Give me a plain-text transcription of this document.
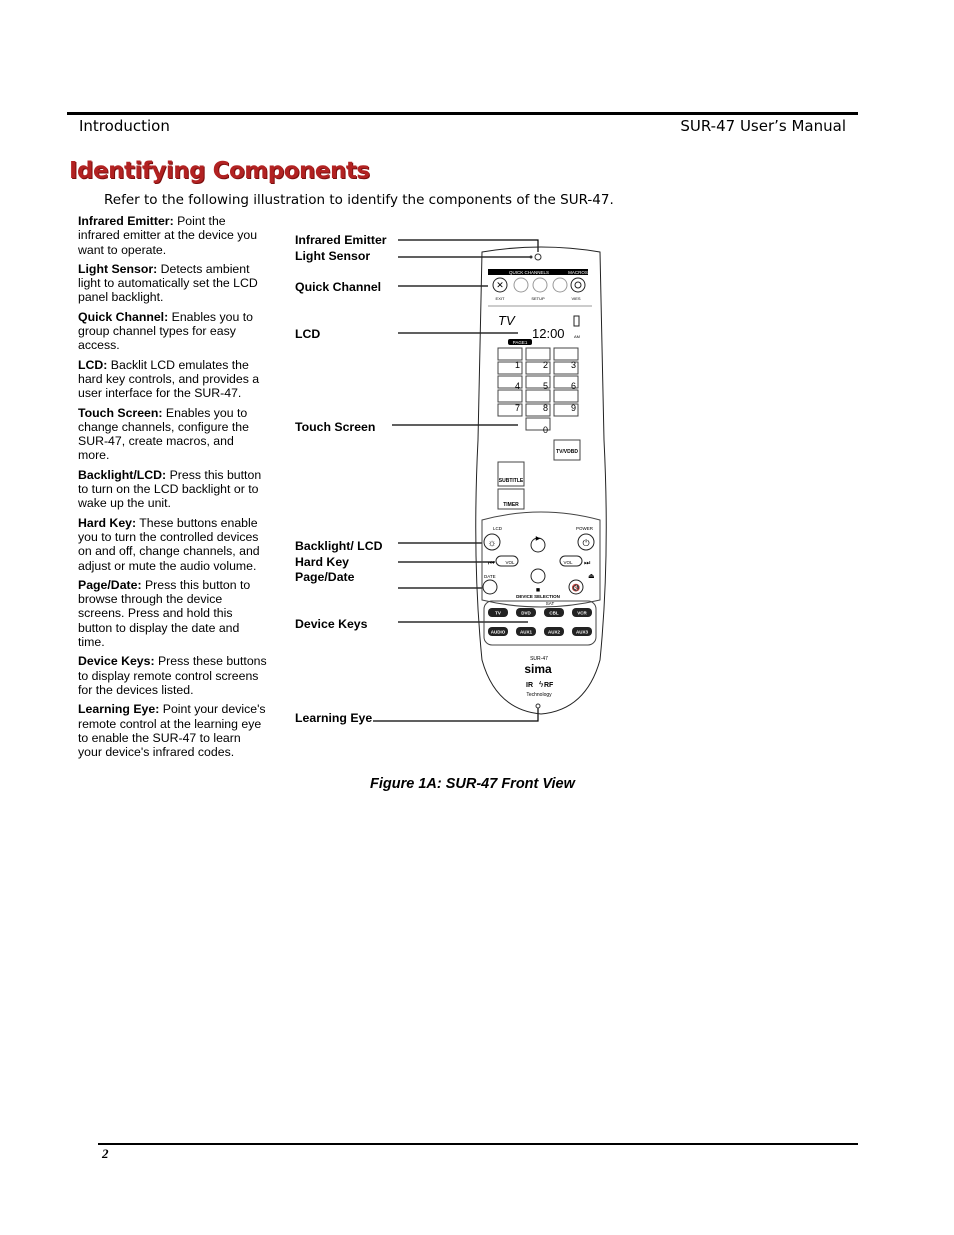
Introduction	SUR-47 User’s Manual
Identifying Components
Refer to the following illustration to identify the components of the SUR-47.

Infrared Emitter: Point the infrared emitter at the device you want to operate.

Light Sensor: Detects ambient light to automatically set the LCD panel backlight.

Quick Channel: Enables you to group channel types for easy access.

LCD: Backlit LCD emulates the hard key controls, and provides a user interface for the SUR-47.

Touch Screen: Enables you to change channels, configure the SUR-47, create macros, and more.

Backlight/LCD: Press this button to turn on the LCD backlight or to wake up the unit.

Hard Key: These buttons enable you to turn the controlled devices on and off, change channels, and adjust or mute the audio volume.

Page/Date: Press this button to browse through the device screens. Press and hold this button to display the date and time.

Device Keys: Press these buttons to display remote control screens for the devices listed.

Learning Eye: Point your device's remote control at the learning eye to enable the SUR-47 to learn your device's infrared codes.

Infrared Emitter
Light Sensor
Quick Channel
LCD
Touch Screen
Backlight/ LCD
Hard Key
Page/Date
Device Keys
Learning Eye
QUICK CHANNELS	MACROS
✕
EXIT	SETUP	VIES
TV
12:00 AM
PAGE1
1	2	3
4	5	6
7	8	9
0
TV/VDBD
SUBTITLE
TIMER
LCD	POWER
☼	⏻
▶
VOL
⏮	VOL ⏭
DATE
■	🔇
⏏
DEVICE SELECTION
SAT
TV	DVD	CBL	VCR
AUDIO	AUX1	AUX2	AUX3
SUR-47
sima
IR ϟ RF
Technology
Figure 1A: SUR-47 Front View
2
